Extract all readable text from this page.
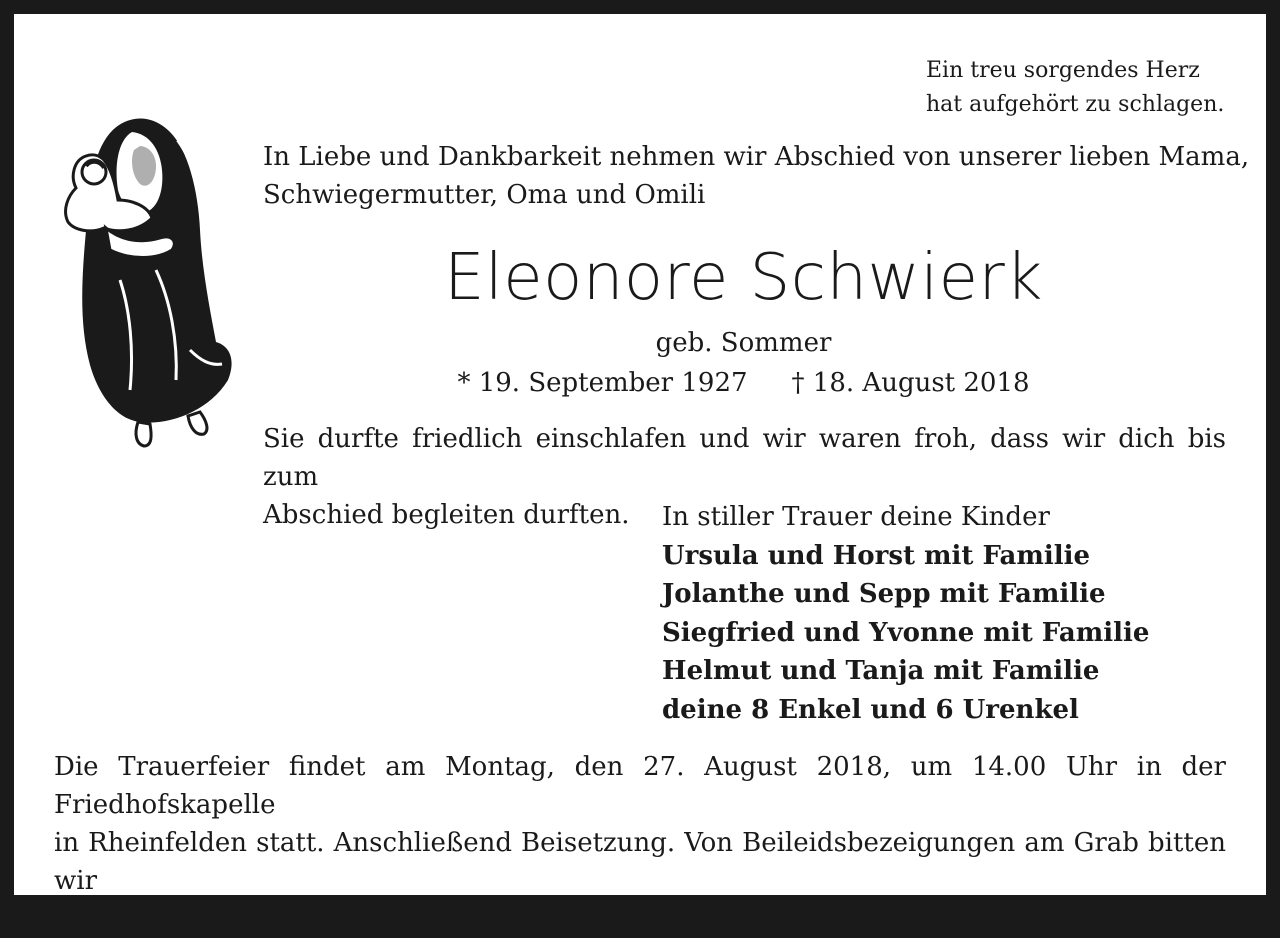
Ein treu sorgendes Herz
hat aufgehört zu schlagen.
In Liebe und Dankbarkeit nehmen wir Abschied von unserer lieben Mama,
Schwiegermutter, Oma und Omili
Eleonore Schwierk
geb. Sommer
* 19. September 1927 † 18. August 2018
Sie durfte friedlich einschlafen und wir waren froh, dass wir dich bis zum
Abschied begleiten durften.	In stiller Trauer deine Kinder
Ursula und Horst mit Familie
Jolanthe und Sepp mit Familie
Siegfried und Yvonne mit Familie
Helmut und Tanja mit Familie
deine 8 Enkel und 6 Urenkel
Die Trauerfeier findet am Montag, den 27. August 2018, um 14.00 Uhr in der Friedhofskapelle
in Rheinfelden statt. Anschließend Beisetzung. Von Beileidsbezeigungen am Grab bitten wir
abzusehen.
